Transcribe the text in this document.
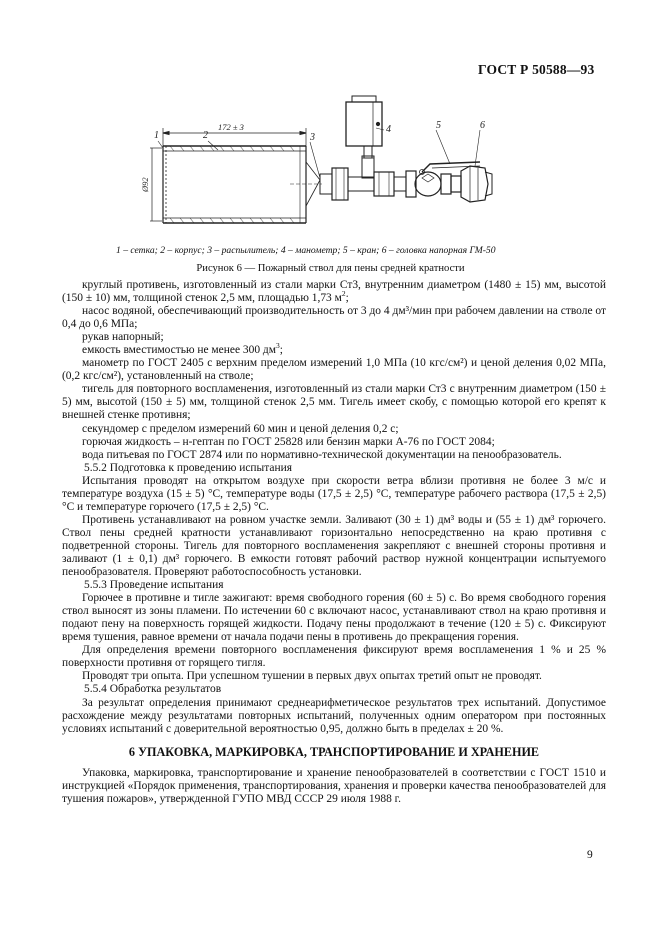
ГОСТ Р 50588—93
1	2	3
4	5	6
172 ± 3
Ø92
1 – сетка; 2 – корпус; 3 – распылитель; 4 – манометр; 5 – кран; 6 – головка напорная ГМ-50
Рисунок 6 — Пожарный ствол для пены средней кратности

круглый противень, изготовленный из стали марки Ст3, внутренним диаметром (1480 ± 15) мм, высотой (150 ± 10) мм, толщиной стенок 2,5 мм, площадью 1,73 $м^2$;

насос водяной, обеспечивающий производительность от 3 до 4 дм³/мин при рабочем давлении на стволе от 0,4 до 0,6 МПа;

рукав напорный;

емкость вместимостью не менее 300 $дм^3$;

манометр по ГОСТ 2405 с верхним пределом измерений 1,0 МПа (10 кгс/см²) и ценой деления 0,02 МПа, (0,2 кгс/см²), установленный на стволе;

тигель для повторного воспламенения, изготовленный из стали марки Ст3 с внутренним диаметром (150 ± 5) мм, высотой (150 ± 5) мм, толщиной стенок 2,5 мм. Тигель имеет скобу, с помощью которой его крепят к внешней стенке противня;

секундомер с пределом измерений 60 мин и ценой деления 0,2 с;

горючая жидкость – н-гептан по ГОСТ 25828 или бензин марки А-76 по ГОСТ 2084;

вода питьевая по ГОСТ 2874 или по нормативно-технической документации на пенообразователь.

5.5.2 Подготовка к проведению испытания

Испытания проводят на открытом воздухе при скорости ветра вблизи противня не более 3 м/с и температуре воздуха (15 ± 5) °С, температуре воды (17,5 ± 2,5) °С, температуре рабочего раствора (17,5 ± 2,5) °С и температуре горючего (17,5 ± 2,5) °С.

Противень устанавливают на ровном участке земли. Заливают (30 ± 1) дм³ воды и (55 ± 1) дм³ горючего. Ствол пены средней кратности устанавливают горизонтально непосредственно на краю противня с подветренной стороны. Тигель для повторного воспламенения закрепляют с внешней стороны противня и заливают (1 ± 0,1) дм³ горючего. В емкости готовят рабочий раствор нужной концентрации испытуемого пенообразователя. Проверяют работоспособность установки.

5.5.3 Проведение испытания

Горючее в противне и тигле зажигают: время свободного горения (60 ± 5) с. Во время свободного горения ствол выносят из зоны пламени. По истечении 60 с включают насос, устанавливают ствол на краю противня и подают пену на поверхность горящей жидкости. Подачу пены продолжают в течение (120 ± 5) с. Фиксируют время тушения, равное времени от начала подачи пены в противень до прекращения горения.

Для определения времени повторного воспламенения фиксируют время воспламенения 1 % и 25 % поверхности противня от горящего тигля.

Проводят три опыта. При успешном тушении в первых двух опытах третий опыт не проводят.

5.5.4 Обработка результатов

За результат определения принимают среднеарифметическое результатов трех испытаний. Допустимое расхождение между результатами повторных испытаний, полученных одним оператором при постоянных условиях испытаний с доверительной вероятностью 0,95, должно быть в пределах ± 20 %.

6 УПАКОВКА, МАРКИРОВКА, ТРАНСПОРТИРОВАНИЕ И ХРАНЕНИЕ

Упаковка, маркировка, транспортирование и хранение пенообразователей в соответствии с ГОСТ 1510 и инструкцией «Порядок применения, транспортирования, хранения и проверки качества пенообразователей для тушения пожаров», утвержденной ГУПО МВД СССР 29 июля 1988 г.

9
